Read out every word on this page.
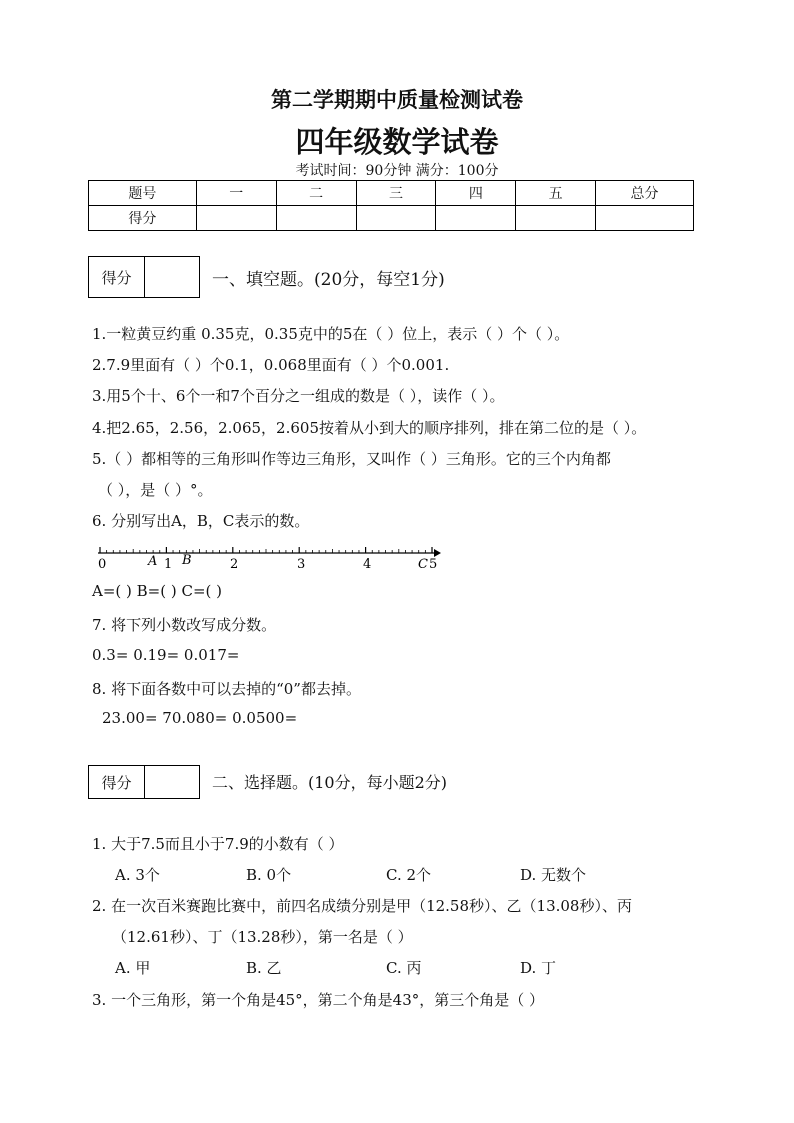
第二学期期中质量检测试卷
四年级数学试卷
考试时间：90分钟 满分：100分
题号	一	二	三	四	五	总分
得分						
得分	一、填空题。(20分，每空1分)
1.一粒黄豆约重 0.35克，0.35克中的5在（ ）位上，表示（ ）个（ ）。
2.7.9里面有（ ）个0.1，0.068里面有（ ）个0.001.
3.用5个十、6个一和7个百分之一组成的数是（ ），读作（ ）。
4.把2.65，2.56，2.065，2.605按着从小到大的顺序排列，排在第二位的是（ ）。
5.（ ）都相等的三角形叫作等边三角形，又叫作（ ）三角形。它的三个内角都
（ ），是（ ）°。
6. 分别写出A，B，C表示的数。
0	1	2	3	4	5
A B	C
A=( ) B=( ) C=( )
7. 将下列小数改写成分数。
0.3= 0.19= 0.017=
8. 将下面各数中可以去掉的“0”都去掉。
23.00= 70.080= 0.0500=
得分	二、选择题。(10分，每小题2分)
1. 大于7.5而且小于7.9的小数有（ ）
A. 3个	B. 0个	C. 2个	D. 无数个
2. 在一次百米赛跑比赛中，前四名成绩分别是甲（12.58秒）、乙（13.08秒）、丙
（12.61秒）、丁（13.28秒），第一名是（ ）
A. 甲	B. 乙	C. 丙	D. 丁
3. 一个三角形，第一个角是45°，第二个角是43°，第三个角是（ ）
